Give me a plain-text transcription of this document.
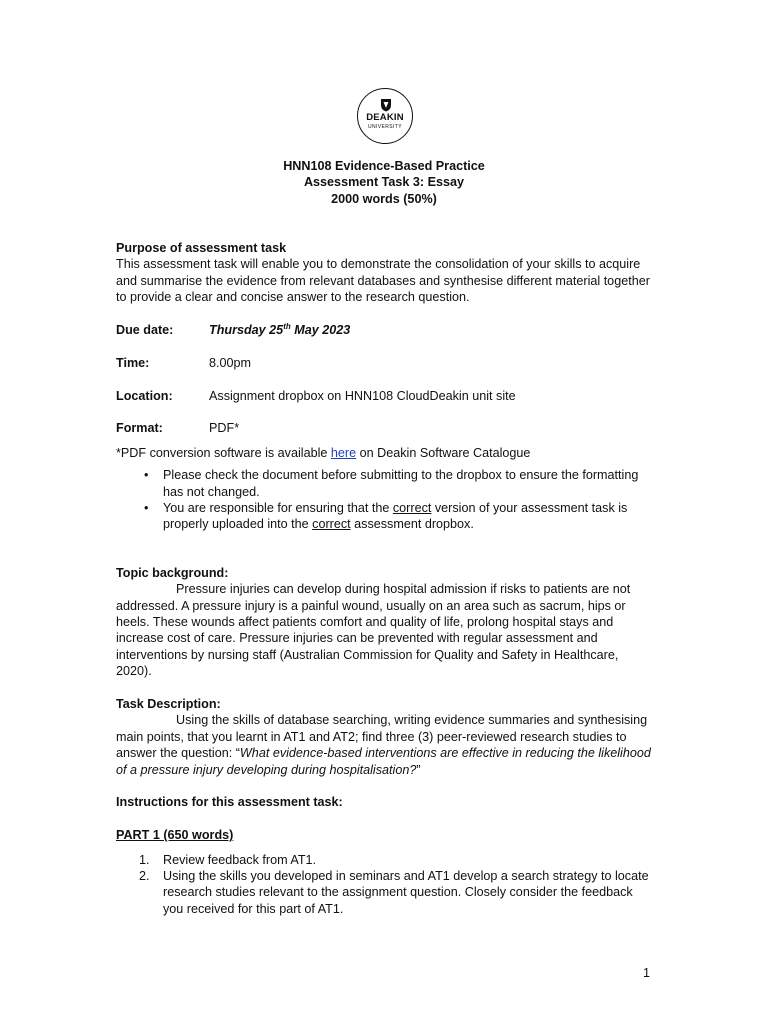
DEAKIN
UNIVERSITY
HNN108 Evidence-Based Practice
Assessment Task 3: Essay
2000 words (50%)

Purpose of assessment task

This assessment task will enable you to demonstrate the consolidation of your skills to acquire and summarise the evidence from relevant databases and synthesise different material together to provide a clear and concise answer to the research question.

Due date:	Thursday 25th May 2023
Time:	8.00pm
Location:	Assignment dropbox on HNN108 CloudDeakin unit site
Format:	PDF*

*PDF conversion software is available here on Deakin Software Catalogue

• Please check the document before submitting to the dropbox to ensure the formatting has not changed.
• You are responsible for ensuring that the correct version of your assessment task is properly uploaded into the correct assessment dropbox.

Topic background:

Pressure injuries can develop during hospital admission if risks to patients are not addressed. A pressure injury is a painful wound, usually on an area such as sacrum, hips or heels. These wounds affect patients comfort and quality of life, prolong hospital stays and increase cost of care. Pressure injuries can be prevented with regular assessment and interventions by nursing staff (Australian Commission for Quality and Safety in Healthcare, 2020).

Task Description:

Using the skills of database searching, writing evidence summaries and synthesising main points, that you learnt in AT1 and AT2; find three (3) peer-reviewed research studies to answer the question: “What evidence-based interventions are effective in reducing the likelihood of a pressure injury developing during hospitalisation?”

Instructions for this assessment task:

PART 1 (650 words)

1. Review feedback from AT1.
2. Using the skills you developed in seminars and AT1 develop a search strategy to locate research studies relevant to the assignment question. Closely consider the feedback you received for this part of AT1.
1
